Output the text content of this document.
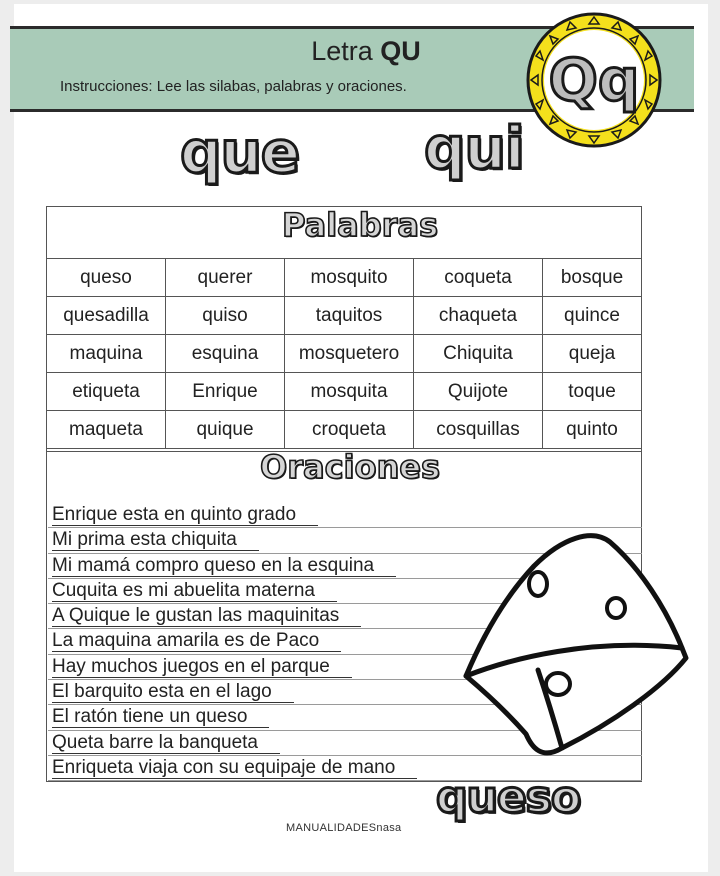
Letra QU
Instrucciones: Lee las silabas, palabras y oraciones. Qq
que qui
Palabras
queso	querer	mosquito	coqueta	bosque
quesadilla	quiso	taquitos	chaqueta	quince
maquina	esquina	mosquetero	Chiquita	queja
etiqueta	Enrique	mosquita	Quijote	toque
maqueta	quique	croqueta	cosquillas	quinto
Oraciones
Enrique esta en quinto grado
Mi prima esta chiquita
Mi mamá compro queso en la esquina
Cuquita es mi abuelita materna
A Quique le gustan las maquinitas
La maquina amarila es de Paco
Hay muchos juegos en el parque
El barquito esta en el lago
El ratón tiene un queso
Queta barre la banqueta
Enriqueta viaja con su equipaje de mano
queso
MANUALIDADESnasa
